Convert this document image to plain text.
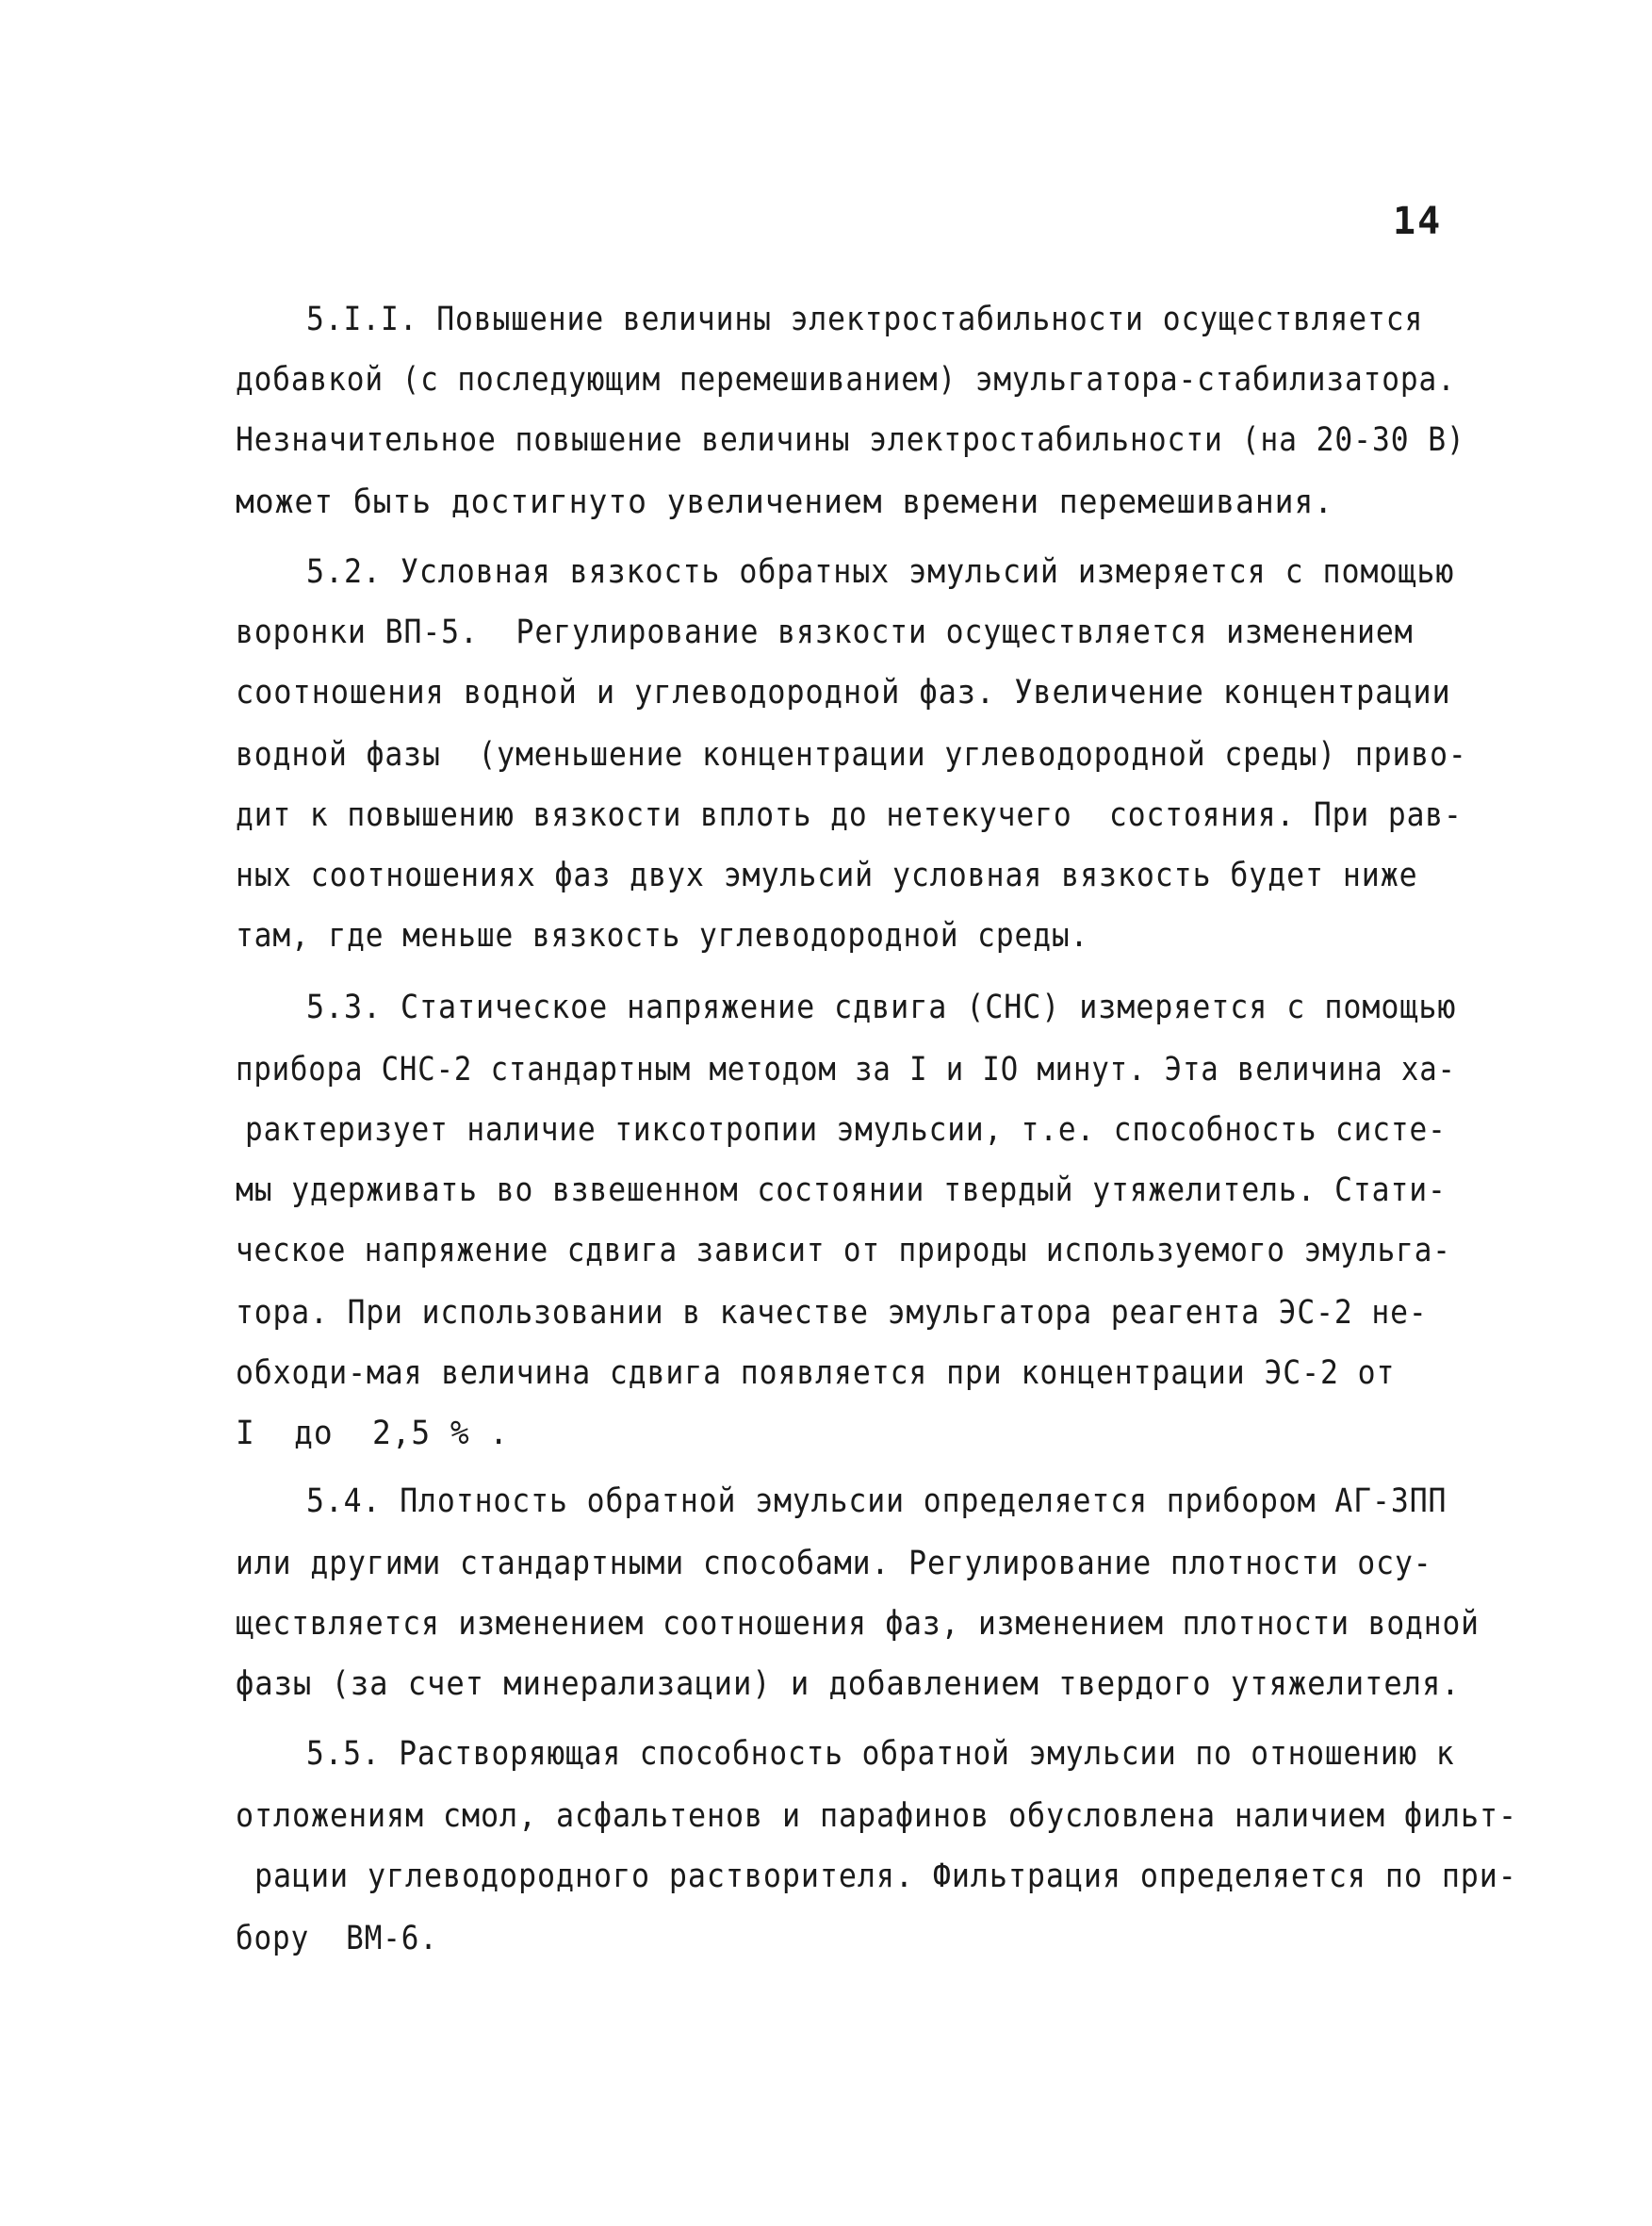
14
5.I.I. Повышение величины электростабильности осуществляется
добавкой (с последующим перемешиванием) эмульгатора-стабилизатора.
Незначительное повышение величины электростабильности (на 20-30 В)
может быть достигнуто увеличением времени перемешивания.
5.2. Условная вязкость обратных эмульсий измеряется с помощью
воронки ВП-5.  Регулирование вязкости осуществляется изменением
соотношения водной и углеводородной фаз. Увеличение концентрации
водной фазы  (уменьшение концентрации углеводородной среды) приво-
дит к повышению вязкости вплоть до нетекучего  состояния. При рав-
ных соотношениях фаз двух эмульсий условная вязкость будет ниже
там, где меньше вязкость углеводородной среды.
5.3. Статическое напряжение сдвига (СНС) измеряется с помощью
прибора СНС-2 стандартным методом за I и IO минут. Эта величина ха-
рактеризует наличие тиксотропии эмульсии, т.е. способность систе-
мы удерживать во взвешенном состоянии твердый утяжелитель. Стати-
ческое напряжение сдвига зависит от природы используемого эмульга-
тора. При использовании в качестве эмульгатора реагента ЭС-2 не-
обходи-мая величина сдвига появляется при концентрации ЭС-2 от
I  до  2,5 % .
5.4. Плотность обратной эмульсии определяется прибором АГ-ЗПП
или другими стандартными способами. Регулирование плотности осу-
ществляется изменением соотношения фаз, изменением плотности водной
фазы (за счет минерализации) и добавлением твердого утяжелителя.
5.5. Растворяющая способность обратной эмульсии по отношению к
отложениям смол, асфальтенов и парафинов обусловлена наличием фильт-
рации углеводородного растворителя. Фильтрация определяется по при-
бору  ВМ-6.
